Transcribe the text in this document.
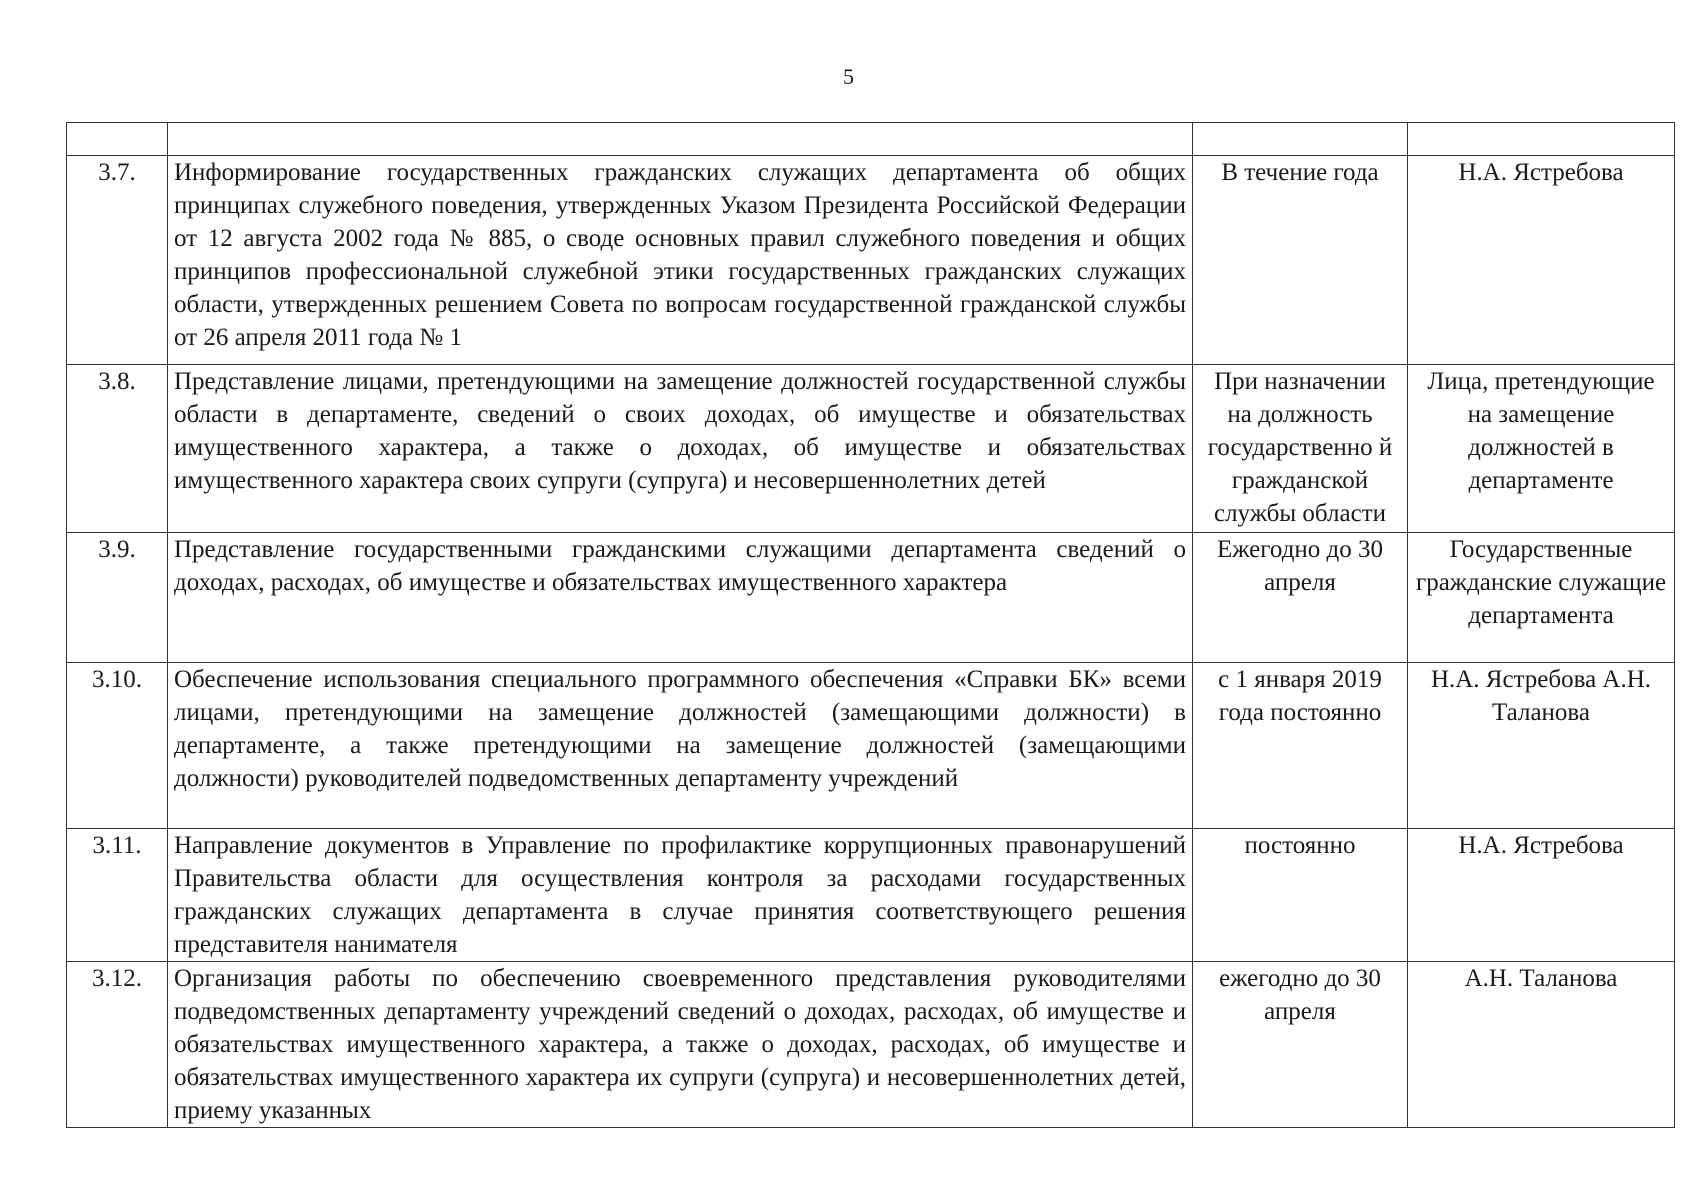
5

3.7.	Информирование государственных гражданских служащих департамента об общих принципах служебного поведения, утвержденных Указом Президента Российской Федерации от 12 августа 2002 года № 885, о своде основных правил служебного поведения и общих принципов профессиональной служебной этики государственных гражданских служащих области, утвержденных решением Совета по вопросам государственной гражданской службы от 26 апреля 2011 года № 1	В течение года	Н.А. Ястребова
3.8.	Представление лицами, претендующими на замещение должностей государственной службы области в департаменте, сведений о своих доходах, об имуществе и обязательствах имущественного характера, а также о доходах, об имуществе и обязательствах имущественного характера своих супруги (супруга) и несовершеннолетних детей	При назначении на должность государственно й гражданской службы области	Лица, претендующие на замещение должностей в департаменте
3.9.	Представление государственными гражданскими служащими департамента сведений о доходах, расходах, об имуществе и обязательствах имущественного характера	Ежегодно до 30 апреля	Государственные гражданские служащие департамента
3.10.	Обеспечение использования специального программного обеспечения «Справки БК» всеми лицами, претендующими на замещение должностей (замещающими должности) в департаменте, а также претендующими на замещение должностей (замещающими должности) руководителей подведомственных департаменту учреждений	с 1 января 2019 года постоянно	Н.А. Ястребова А.Н. Таланова
3.11.	Направление документов в Управление по профилактике коррупционных правонарушений Правительства области для осуществления контроля за расходами государственных гражданских служащих департамента в случае принятия соответствующего решения представителя нанимателя	постоянно	Н.А. Ястребова
3.12.	Организация работы по обеспечению своевременного представления руководителями подведомственных департаменту учреждений сведений о доходах, расходах, об имуществе и обязательствах имущественного характера, а также о доходах, расходах, об имуществе и обязательствах имущественного характера их супруги (супруга) и несовершеннолетних детей, приему указанных	ежегодно до 30 апреля	А.Н. Таланова
